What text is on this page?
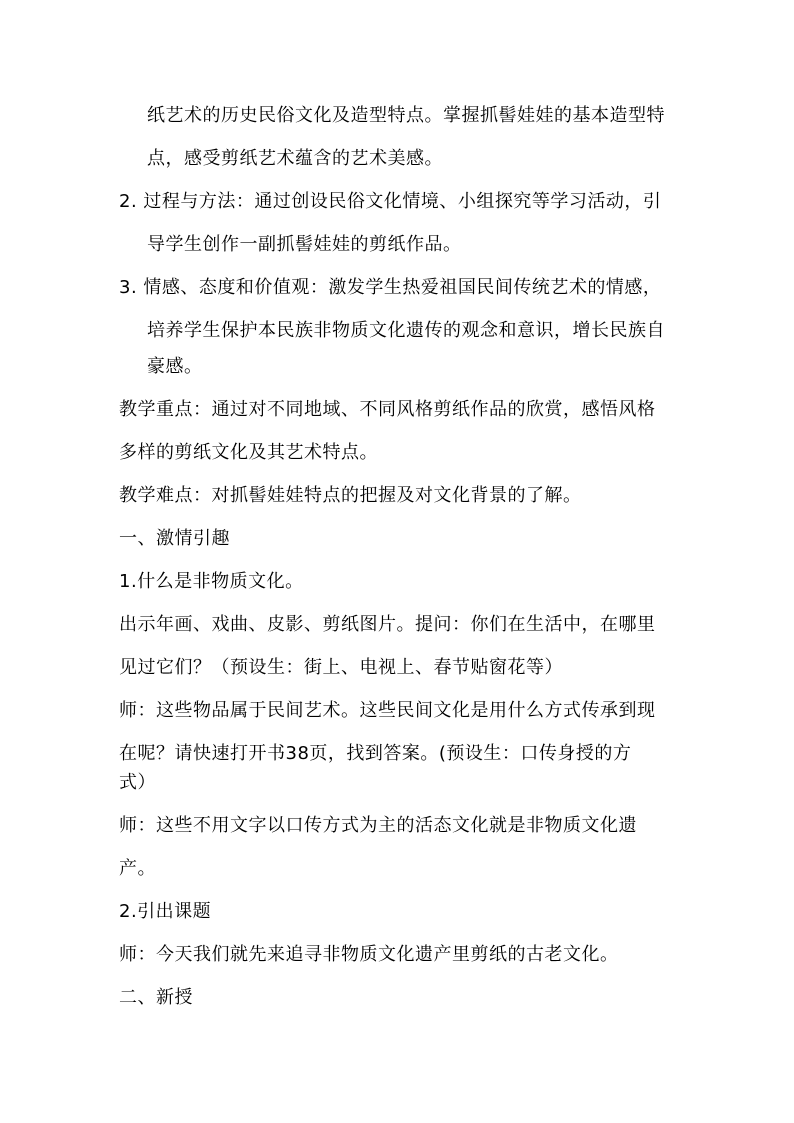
纸艺术的历史民俗文化及造型特点。掌握抓髻娃娃的基本造型特
点，感受剪纸艺术蕴含的艺术美感。
2. 过程与方法：通过创设民俗文化情境、小组探究等学习活动，引
导学生创作一副抓髻娃娃的剪纸作品。
3. 情感、态度和价值观：激发学生热爱祖国民间传统艺术的情感，
培养学生保护本民族非物质文化遗传的观念和意识，增长民族自
豪感。
教学重点：通过对不同地域、不同风格剪纸作品的欣赏，感悟风格
多样的剪纸文化及其艺术特点。
教学难点：对抓髻娃娃特点的把握及对文化背景的了解。
一、激情引趣
1.什么是非物质文化。
出示年画、戏曲、皮影、剪纸图片。提问：你们在生活中，在哪里
见过它们？（预设生：街上、电视上、春节贴窗花等）
师：这些物品属于民间艺术。这些民间文化是用什么方式传承到现
在呢？请快速打开书38页，找到答案。(预设生：口传身授的方
式）
师：这些不用文字以口传方式为主的活态文化就是非物质文化遗
产。
2.引出课题
师：今天我们就先来追寻非物质文化遗产里剪纸的古老文化。
二、新授
